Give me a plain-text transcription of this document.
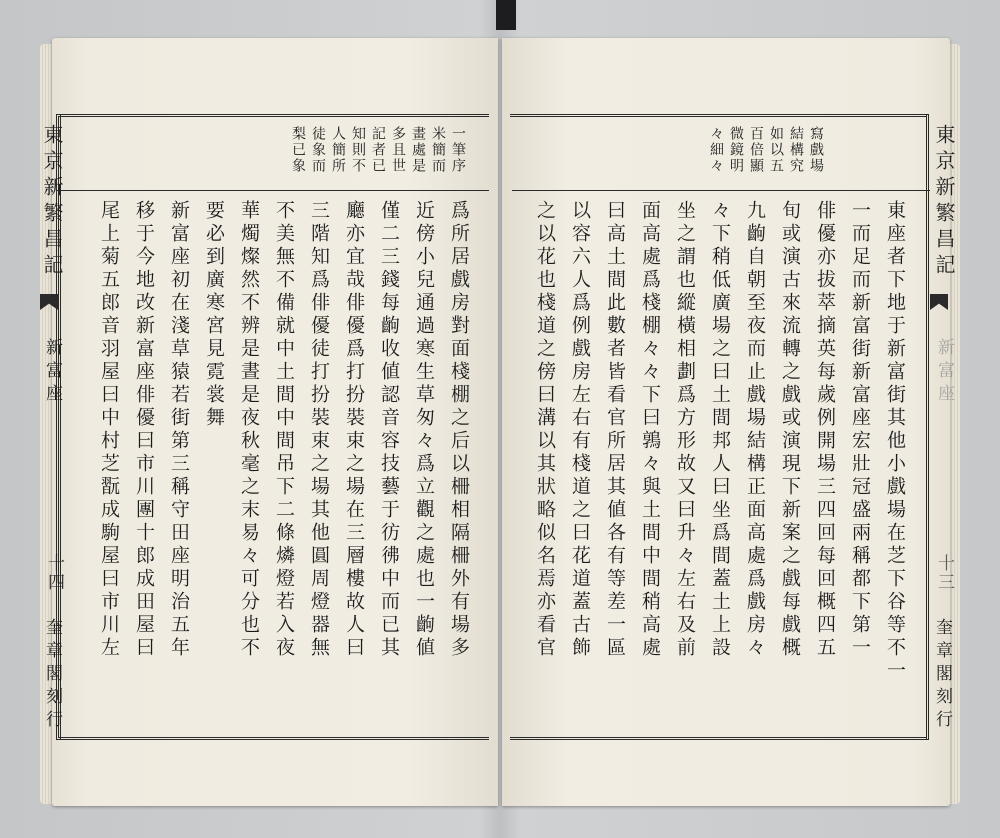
一筆序
米簡而
畫處是
多且世
記者已
知則不
人簡所
徒象而
梨已象
爲所居戲房對面棧棚之后以柵相隔柵外有場多
近傍小兒通過寒生草匆々爲立觀之處也一齣値
僅二三錢每齣收値認音容技藝于彷彿中而已其
廳亦宜哉俳優爲打扮裝束之場在三層樓故人曰
三階知爲俳優徒打扮裝束之場其他圓周燈器無
不美無不備就中土間中間吊下二條燐燈若入夜
華燭燦然不辨是晝是夜秋毫之末易々可分也不
要必到廣寒宮見霓裳舞
新富座初在淺草猿若街第三稱守田座明治五年
移于今地改新富座俳優曰市川團十郎成田屋曰
尾上菊五郎音羽屋曰中村芝翫成駒屋曰市川左
東京新繁昌記
新富座
十四
奎章閣刻行
寫戲場
結構究
如以五
百倍顯
微鏡明
々細々
東座者下地于新富街其他小戲場在芝下谷等不一
一而足而新富街新富座宏壯冠盛兩稱都下第一
俳優亦拔萃摘英每歲例開場三四回每回概四五
旬或演古來流轉之戲或演現下新案之戲每戲概
九齣自朝至夜而止戲場結構正面高處爲戲房々
々下稍低廣場之曰土間邦人曰坐爲間蓋土上設
坐之謂也縱橫相劃爲方形故又曰升々左右及前
面高處爲棧棚々々下曰鶉々與土間中間稍高處
曰高土間此數者皆看官所居其値各有等差一區
以容六人爲例戲房左右有棧道之曰花道蓋古飾
之以花也棧道之傍曰溝以其狀略似名焉亦看官	東京新繁昌記
新富座
十三
奎章閣刻行
